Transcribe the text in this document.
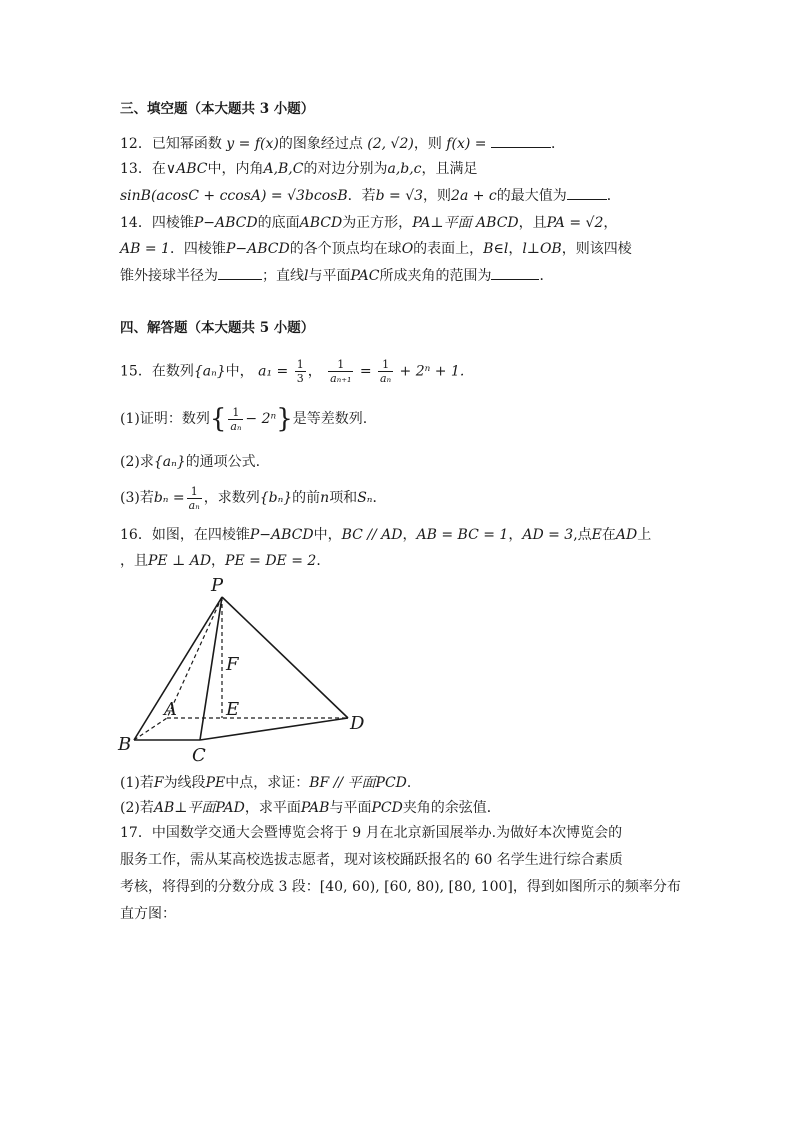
三、填空题（本大题共 3 小题）
12．已知幂函数 y = f(x)的图象经过点 (2, √2)，则 f(x) =	．
13．在∨ABC中，内角A,B,C的对边分别为a,b,c，且满足
sinB(acosC + ccosA) = √3bcosB．若b = √3，则2a + c的最大值为	．
14．四棱锥P−ABCD的底面ABCD为正方形，PA⊥平面 ABCD，且PA = √2，
AB = 1．四棱锥P−ABCD的各个顶点均在球O的表面上，B∈l，l⊥OB，则该四棱
锥外接球半径为	；直线l与平面PAC所成夹角的范围为	．
四、解答题（本大题共 5 小题）
15．在数列{aₙ}中， $a_1 = \frac{1}{3}$ ， $\frac{1}{\text{aₙ₊₁}} = \frac{1}{\text{aₙ}} + 2^n + 1$.
(1)证明：数列{ $\frac{1}{\text{aₙ}} - 2^n$}是等差数列.
(2)求{aₙ}的通项公式.
(3)若$b_n = \frac{1}{\text{aₙ}}$ ，求数列{bₙ}的前n项和Sₙ．
16．如图，在四棱锥P−ABCD中，BC // AD，AB = BC = 1，AD = 3,点E在AD上
，且PE ⊥ AD，PE = DE = 2．
P
F
A	E
B
C
D
(1)若F为线段PE中点，求证：BF // 平面PCD．
(2)若AB⊥平面PAD，求平面PAB与平面PCD夹角的余弦值．
17．中国数学交通大会暨博览会将于 9 月在北京新国展举办.为做好本次博览会的
服务工作，需从某高校选拔志愿者，现对该校踊跃报名的 60 名学生进行综合素质
考核，将得到的分数分成 3 段：[40, 60), [60, 80), [80, 100]，得到如图所示的频率分布
直方图：
